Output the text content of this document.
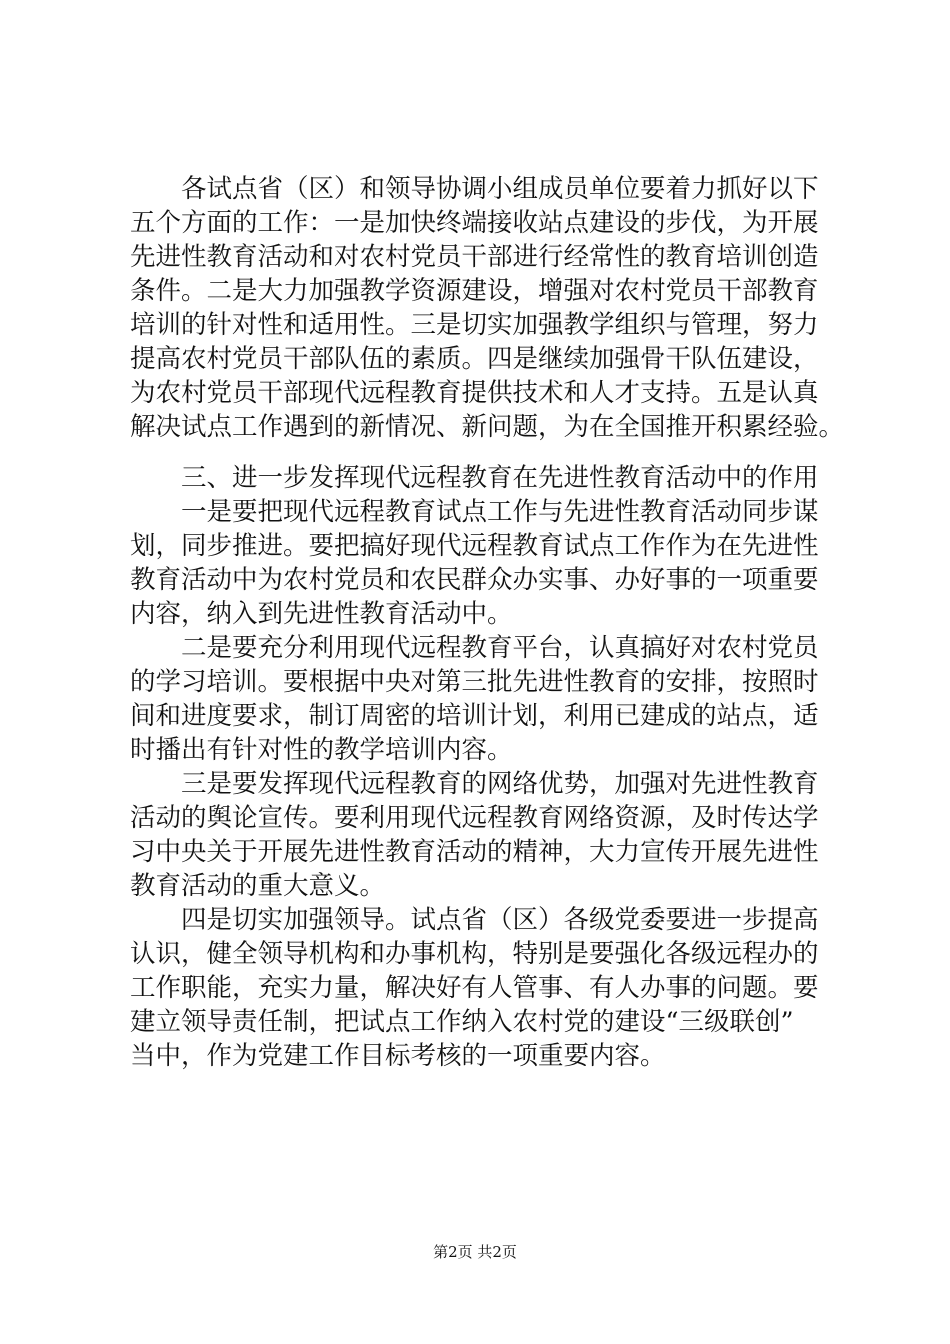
各试点省（区）和领导协调小组成员单位要着力抓好以下
五个方面的工作：一是加快终端接收站点建设的步伐，为开展
先进性教育活动和对农村党员干部进行经常性的教育培训创造
条件。二是大力加强教学资源建设，增强对农村党员干部教育
培训的针对性和适用性。三是切实加强教学组织与管理，努力
提高农村党员干部队伍的素质。四是继续加强骨干队伍建设，
为农村党员干部现代远程教育提供技术和人才支持。五是认真
解决试点工作遇到的新情况、新问题，为在全国推开积累经验。
三、进一步发挥现代远程教育在先进性教育活动中的作用
一是要把现代远程教育试点工作与先进性教育活动同步谋
划，同步推进。要把搞好现代远程教育试点工作作为在先进性
教育活动中为农村党员和农民群众办实事、办好事的一项重要
内容，纳入到先进性教育活动中。
二是要充分利用现代远程教育平台，认真搞好对农村党员
的学习培训。要根据中央对第三批先进性教育的安排，按照时
间和进度要求，制订周密的培训计划，利用已建成的站点，适
时播出有针对性的教学培训内容。
三是要发挥现代远程教育的网络优势，加强对先进性教育
活动的舆论宣传。要利用现代远程教育网络资源，及时传达学
习中央关于开展先进性教育活动的精神，大力宣传开展先进性
教育活动的重大意义。
四是切实加强领导。试点省（区）各级党委要进一步提高
认识，健全领导机构和办事机构，特别是要强化各级远程办的
工作职能，充实力量，解决好有人管事、有人办事的问题。要
建立领导责任制，把试点工作纳入农村党的建设“三级联创”
当中，作为党建工作目标考核的一项重要内容。
第2页 共2页
